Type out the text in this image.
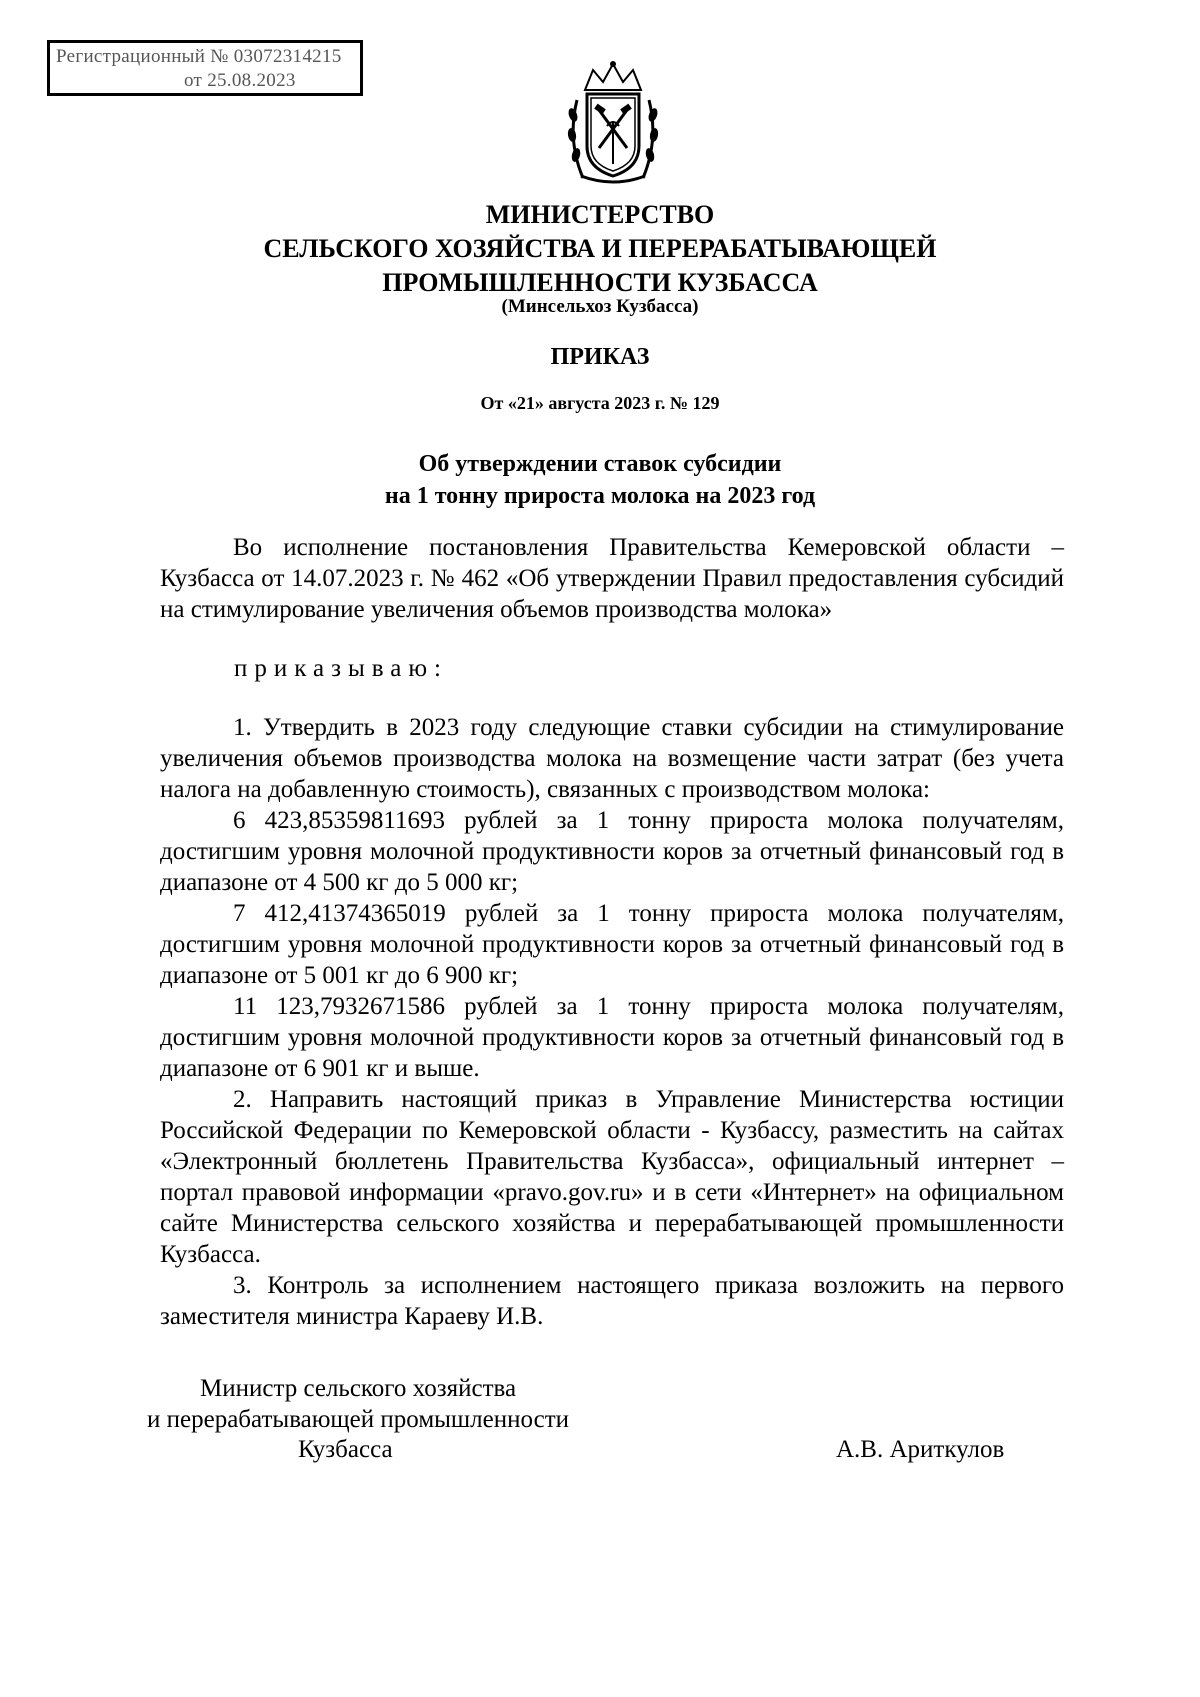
Регистрационный № 03072314215
от 25.08.2023
МИНИСТЕРСТВО
СЕЛЬСКОГО ХОЗЯЙСТВА И ПЕРЕРАБАТЫВАЮЩЕЙ
ПРОМЫШЛЕННОСТИ КУЗБАССА
(Минсельхоз Кузбасса)
ПРИКАЗ
От «21» августа 2023 г. № 129
Об утверждении ставок субсидии
на 1 тонну прироста молока на 2023 год

Во исполнение постановления Правительства Кемеровской области – Кузбасса от 14.07.2023 г. № 462 «Об утверждении Правил предоставления субсидий на стимулирование увеличения объемов производства молока»

приказываю:

1. Утвердить в 2023 году следующие ставки субсидии на стимулирование увеличения объемов производства молока на возмещение части затрат (без учета налога на добавленную стоимость), связанных с производством молока:

6 423,85359811693 рублей за 1 тонну прироста молока получателям, достигшим уровня молочной продуктивности коров за отчетный финансовый год в диапазоне от 4 500 кг до 5 000 кг;

7 412,41374365019 рублей за 1 тонну прироста молока получателям, достигшим уровня молочной продуктивности коров за отчетный финансовый год в диапазоне от 5 001 кг до 6 900 кг;

11 123,7932671586 рублей за 1 тонну прироста молока получателям, достигшим уровня молочной продуктивности коров за отчетный финансовый год в диапазоне от 6 901 кг и выше.

2. Направить настоящий приказ в Управление Министерства юстиции Российской Федерации по Кемеровской области - Кузбассу, разместить на сайтах «Электронный бюллетень Правительства Кузбасса», официальный интернет – портал правовой информации «pravo.gov.ru» и в сети «Интернет» на официальном сайте Министерства сельского хозяйства и перерабатывающей промышленности Кузбасса.

3. Контроль за исполнением настоящего приказа возложить на первого заместителя министра Караеву И.В.

Министр сельского хозяйства
и перерабатывающей промышленности
Кузбасса	А.В. Ариткулов
